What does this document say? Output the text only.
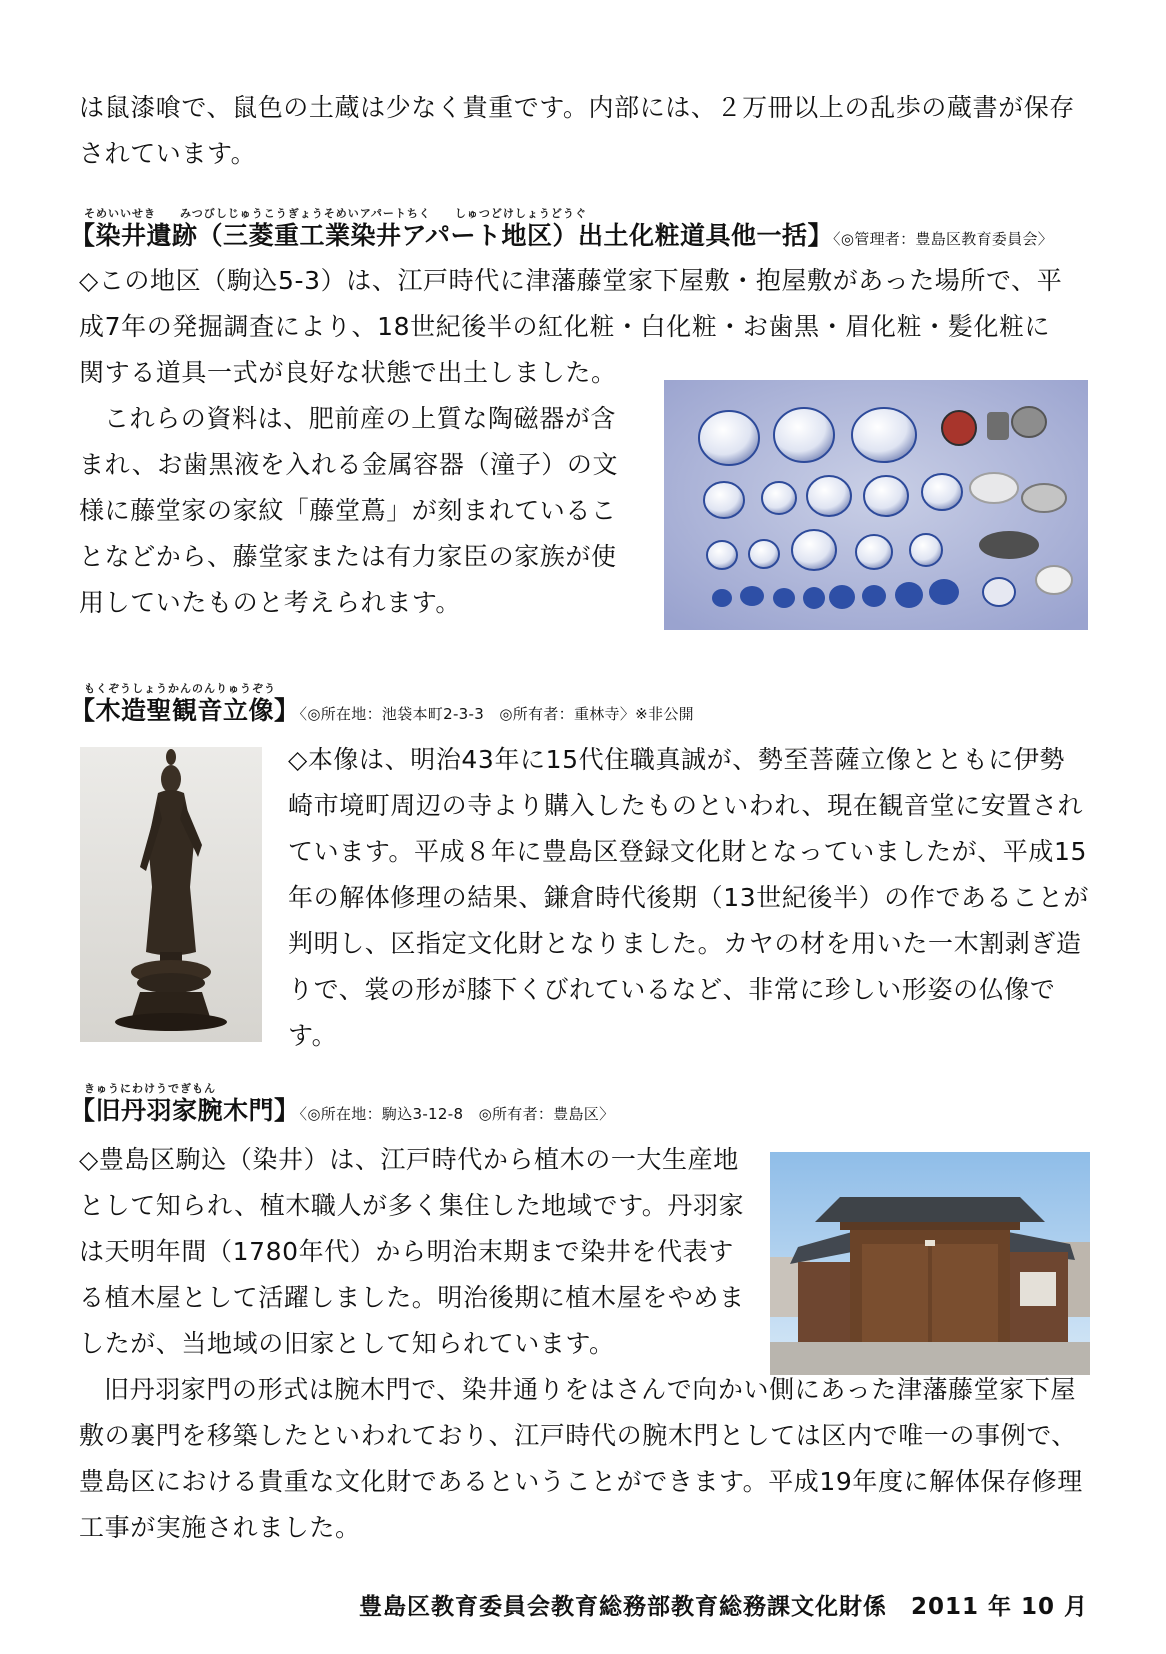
は鼠漆喰で、鼠色の土蔵は少なく貴重です。内部には、２万冊以上の乱歩の蔵書が保存されています。

そめいいせき　　みつびしじゅうこうぎょうそめいアパートちく　　しゅつどけしょうどうぐ
【染井遺跡（三菱重工業染井アパート地区）出土化粧道具他一括】〈◎管理者：豊島区教育委員会〉

◇この地区（駒込5-3）は、江戸時代に津藩藤堂家下屋敷・抱屋敷があった場所で、平成7年の発掘調査により、18世紀後半の紅化粧・白化粧・お歯黒・眉化粧・髪化粧に関する道具一式が良好な状態で出土しました。

これらの資料は、肥前産の上質な陶磁器が含まれ、お歯黒液を入れる金属容器（潼子）の文様に藤堂家の家紋「藤堂蔦」が刻まれていることなどから、藤堂家または有力家臣の家族が使用していたものと考えられます。

もくぞうしょうかんのんりゅうぞう
【木造聖観音立像】〈◎所在地：池袋本町2-3-3　◎所有者：重林寺〉※非公開

◇本像は、明治43年に15代住職真誠が、勢至菩薩立像とともに伊勢崎市境町周辺の寺より購入したものといわれ、現在観音堂に安置されています。平成８年に豊島区登録文化財となっていましたが、平成15年の解体修理の結果、鎌倉時代後期（13世紀後半）の作であることが判明し、区指定文化財となりました。カヤの材を用いた一木割剥ぎ造りで、裳の形が膝下くびれているなど、非常に珍しい形姿の仏像です。

きゅうにわけうでぎもん
【旧丹羽家腕木門】〈◎所在地：駒込3-12-8　◎所有者：豊島区〉

◇豊島区駒込（染井）は、江戸時代から植木の一大生産地として知られ、植木職人が多く集住した地域です。丹羽家は天明年間（1780年代）から明治末期まで染井を代表する植木屋として活躍しました。明治後期に植木屋をやめましたが、当地域の旧家として知られています。

旧丹羽家門の形式は腕木門で、染井通りをはさんで向かい側にあった津藩藤堂家下屋敷の裏門を移築したといわれており、江戸時代の腕木門としては区内で唯一の事例で、豊島区における貴重な文化財であるということができます。平成19年度に解体保存修理工事が実施されました。

豊島区教育委員会教育総務部教育総務課文化財係　2011 年 10 月
